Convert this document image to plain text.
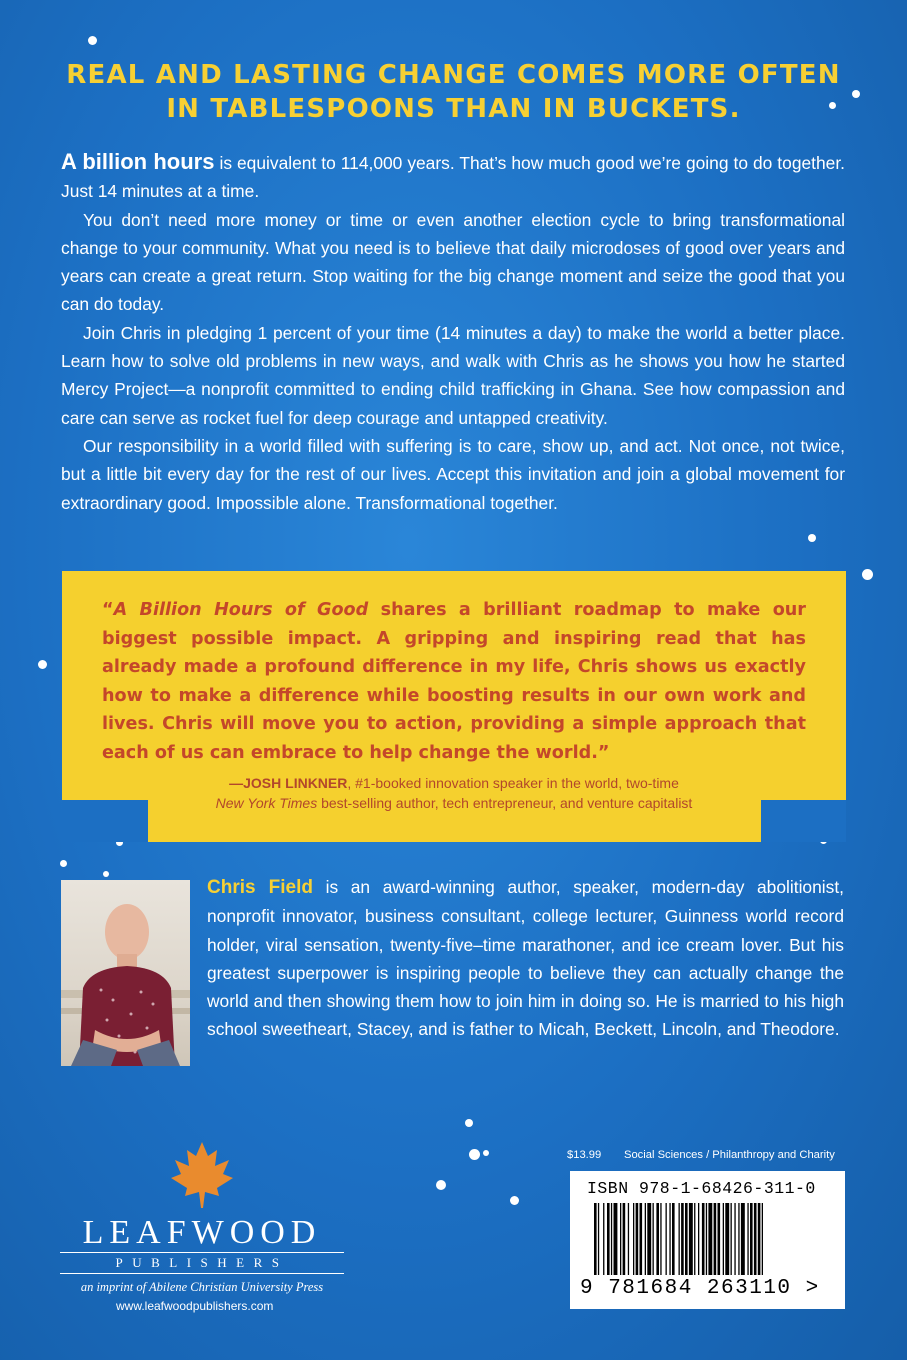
REAL AND LASTING CHANGE COMES MORE OFTEN
IN TABLESPOONS THAN IN BUCKETS.

A billion hours is equivalent to 114,000 years. That’s how much good we’re going to do together. Just 14 minutes at a time.

You don’t need more money or time or even another election cycle to bring transformational change to your community. What you need is to believe that daily microdoses of good over years and years can create a great return. Stop waiting for the big change moment and seize the good that you can do today.

Join Chris in pledging 1 percent of your time (14 minutes a day) to make the world a better place. Learn how to solve old problems in new ways, and walk with Chris as he shows you how he started Mercy Project—a nonprofit committed to ending child trafficking in Ghana. See how compassion and care can serve as rocket fuel for deep courage and untapped creativity.

Our responsibility in a world filled with suffering is to care, show up, and act. Not once, not twice, but a little bit every day for the rest of our lives. Accept this invitation and join a global movement for extraordinary good. Impossible alone. Transformational together.

“A Billion Hours of Good shares a brilliant roadmap to make our biggest possible impact. A gripping and inspiring read that has already made a profound difference in my life, Chris shows us exactly how to make a difference while boosting results in our own work and lives. Chris will move you to action, providing a simple approach that each of us can embrace to help change the world.”
—JOSH LINKNER, #1-booked innovation speaker in the world, two-time
New York Times best-selling author, tech entrepreneur, and venture capitalist
Chris Field is an award-winning author, speaker, modern-day abolitionist, nonprofit innovator, business consultant, college lecturer, Guinness world record holder, viral sensation, twenty-five–time marathoner, and ice cream lover. But his greatest superpower is inspiring people to believe they can actually change the world and then showing them how to join him in doing so. He is married to his high school sweetheart, Stacey, and is father to Micah, Beckett, Lincoln, and Theodore.
LEAFWOOD
PUBLISHERS
an imprint of Abilene Christian University Press
www.leafwoodpublishers.com
$13.99 Social Sciences / Philanthropy and Charity
ISBN 978-1-68426-311-0
9 781684 263110 >
